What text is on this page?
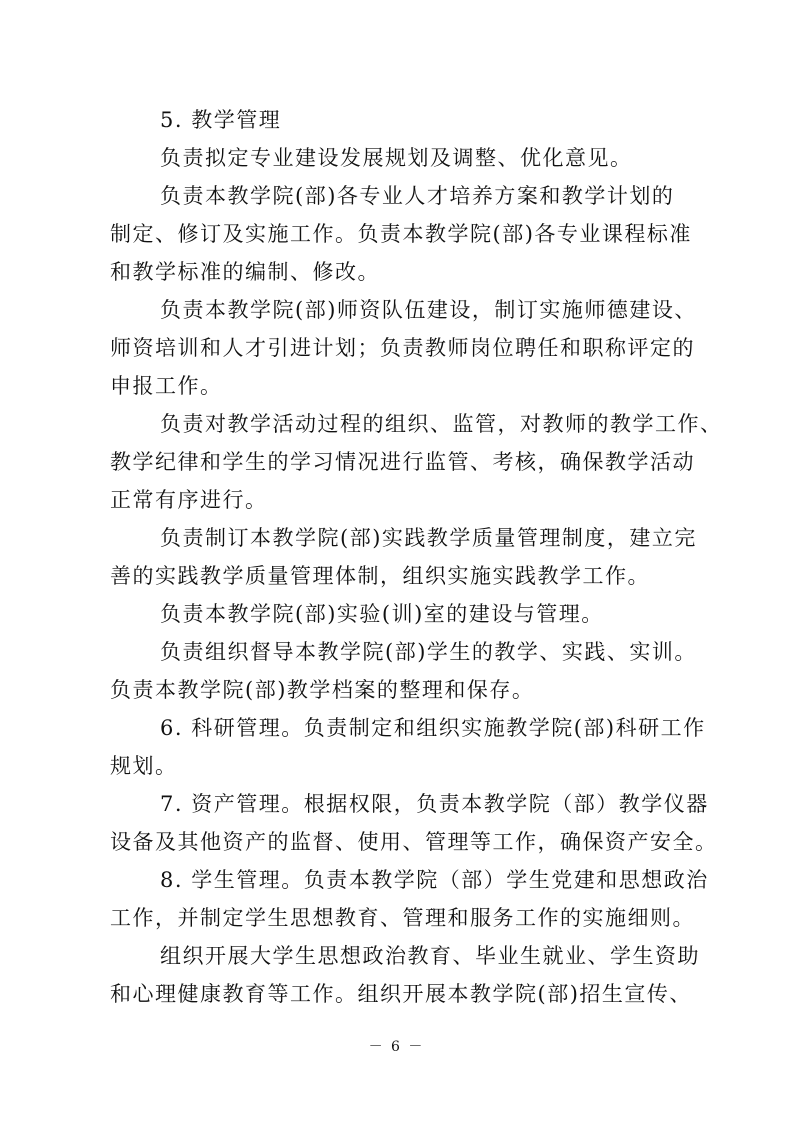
5. 教学管理
负责拟定专业建设发展规划及调整、优化意见。
负责本教学院(部)各专业人才培养方案和教学计划的
制定、修订及实施工作。负责本教学院(部)各专业课程标准
和教学标准的编制、修改。
负责本教学院(部)师资队伍建设，制订实施师德建设、
师资培训和人才引进计划；负责教师岗位聘任和职称评定的
申报工作。
负责对教学活动过程的组织、监管，对教师的教学工作、
教学纪律和学生的学习情况进行监管、考核，确保教学活动
正常有序进行。
负责制订本教学院(部)实践教学质量管理制度，建立完
善的实践教学质量管理体制，组织实施实践教学工作。
负责本教学院(部)实验(训)室的建设与管理。
负责组织督导本教学院(部)学生的教学、实践、实训。
负责本教学院(部)教学档案的整理和保存。
6. 科研管理。负责制定和组织实施教学院(部)科研工作
规划。
7. 资产管理。根据权限，负责本教学院（部）教学仪器
设备及其他资产的监督、使用、管理等工作，确保资产安全。
8. 学生管理。负责本教学院（部）学生党建和思想政治
工作，并制定学生思想教育、管理和服务工作的实施细则。
组织开展大学生思想政治教育、毕业生就业、学生资助
和心理健康教育等工作。组织开展本教学院(部)招生宣传、
－ 6 －
